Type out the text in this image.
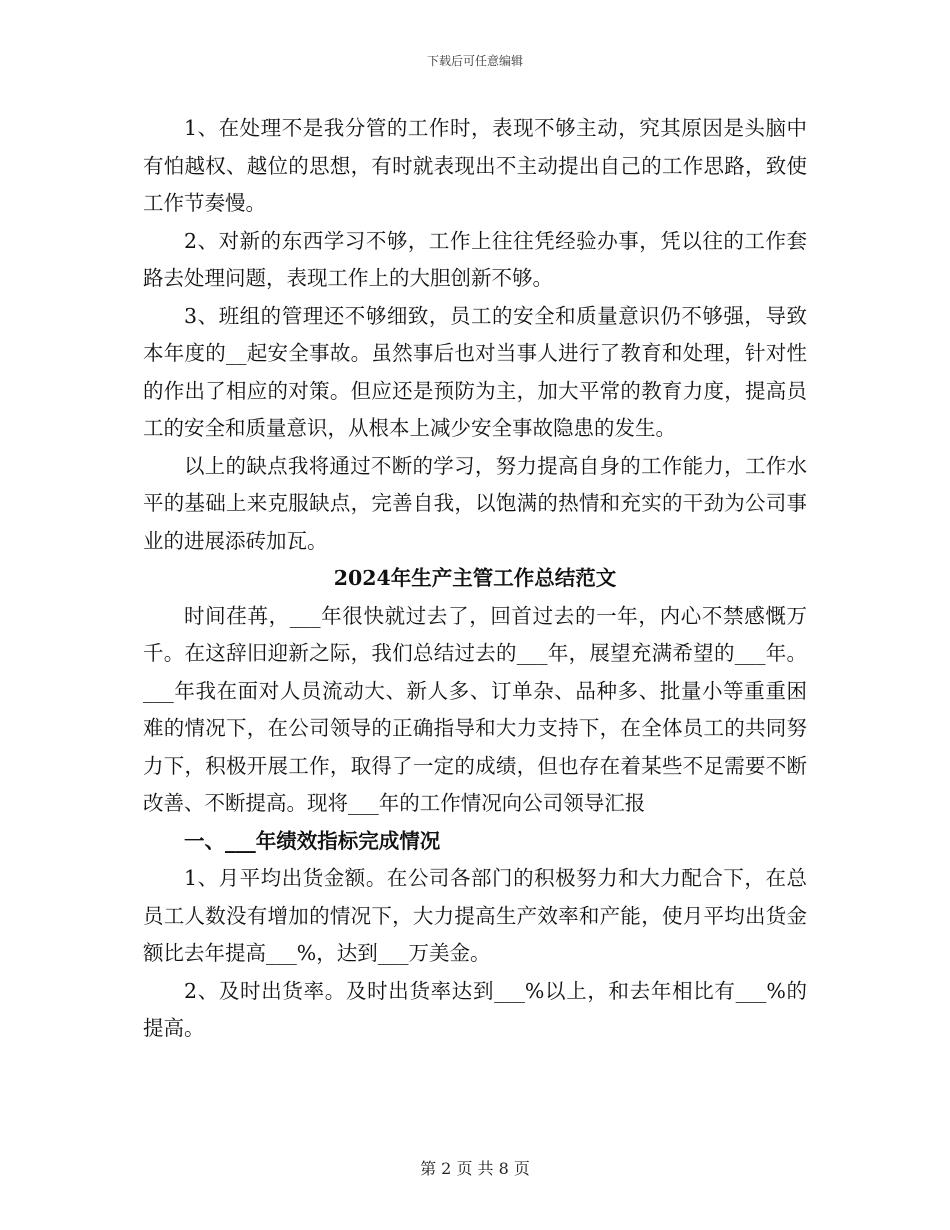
下载后可任意编辑

1、在处理不是我分管的工作时，表现不够主动，究其原因是头脑中有怕越权、越位的思想，有时就表现出不主动提出自己的工作思路，致使工作节奏慢。

2、对新的东西学习不够，工作上往往凭经验办事，凭以往的工作套路去处理问题，表现工作上的大胆创新不够。

3、班组的管理还不够细致，员工的安全和质量意识仍不够强，导致本年度的__起安全事故。虽然事后也对当事人进行了教育和处理，针对性的作出了相应的对策。但应还是预防为主，加大平常的教育力度，提高员工的安全和质量意识，从根本上减少安全事故隐患的发生。

以上的缺点我将通过不断的学习，努力提高自身的工作能力，工作水平的基础上来克服缺点，完善自我，以饱满的热情和充实的干劲为公司事业的进展添砖加瓦。

2024年生产主管工作总结范文

时间荏苒，___年很快就过去了，回首过去的一年，内心不禁感慨万千。在这辞旧迎新之际，我们总结过去的___年，展望充满希望的___年。___年我在面对人员流动大、新人多、订单杂、品种多、批量小等重重困难的情况下，在公司领导的正确指导和大力支持下，在全体员工的共同努力下，积极开展工作，取得了一定的成绩，但也存在着某些不足需要不断改善、不断提高。现将___年的工作情况向公司领导汇报

一、___年绩效指标完成情况

1、月平均出货金额。在公司各部门的积极努力和大力配合下，在总员工人数没有增加的情况下，大力提高生产效率和产能，使月平均出货金额比去年提高___%，达到___万美金。

2、及时出货率。及时出货率达到___%以上，和去年相比有___%的提高。

第 2 页 共 8 页
